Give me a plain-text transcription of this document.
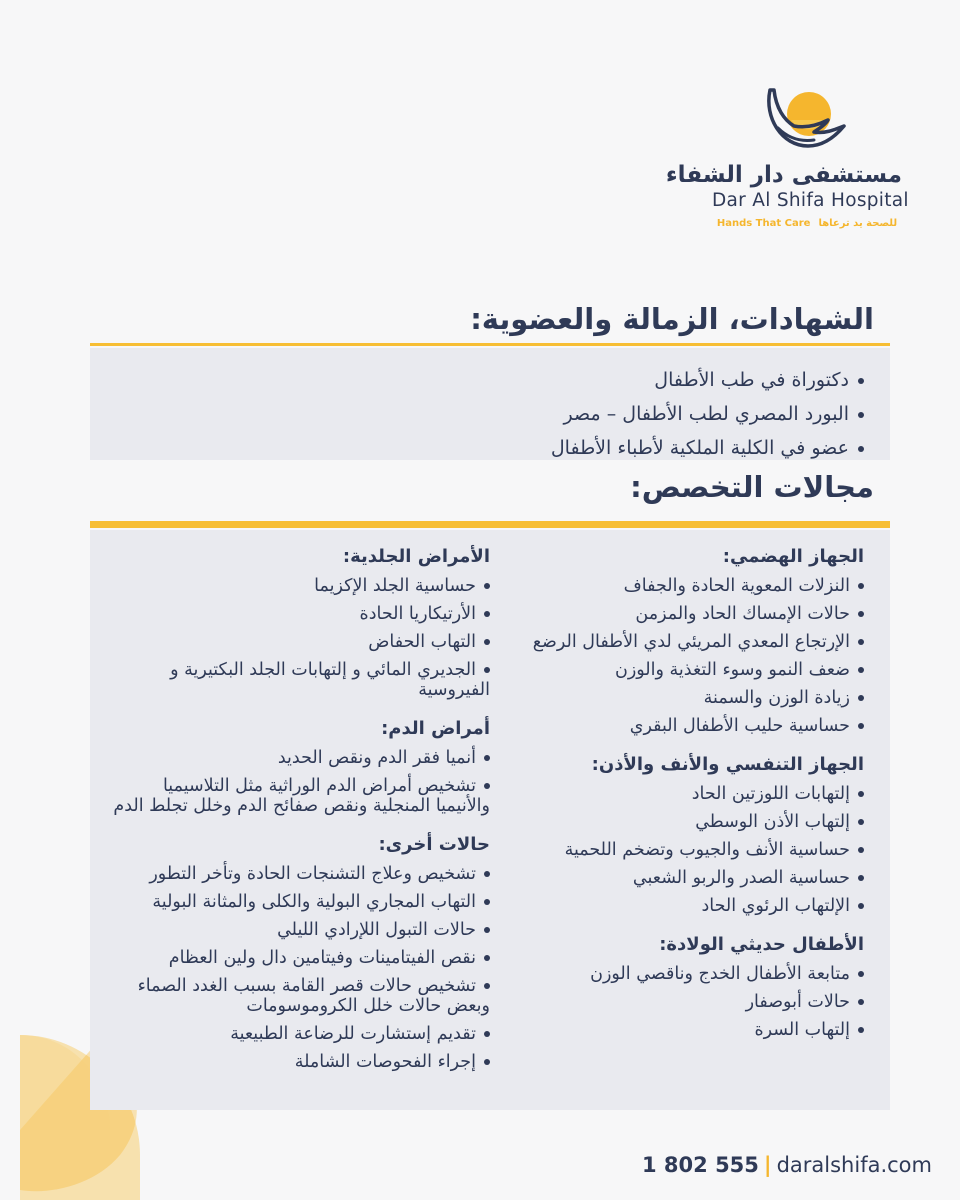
مستشفى دار الشفاء
Dar Al Shifa Hospital
Hands That Care للصحة يد ترعاها
الشهادات، الزمالة والعضوية:
دكتوراة في طب الأطفال
البورد المصري لطب الأطفال – مصر
عضو في الكلية الملكية لأطباء الأطفال
مجالات التخصص:
الجهاز الهضمي:
النزلات المعوية الحادة والجفاف
حالات الإمساك الحاد والمزمن
الإرتجاع المعدي المريئي لدي الأطفال الرضع
ضعف النمو وسوء التغذية والوزن
زيادة الوزن والسمنة
حساسية حليب الأطفال البقري
الجهاز التنفسي والأنف والأذن:
إلتهابات اللوزتين الحاد
إلتهاب الأذن الوسطي
حساسية الأنف والجيوب وتضخم اللحمية
حساسية الصدر والربو الشعبي
الإلتهاب الرئوي الحاد
الأطفال حديثي الولادة:
متابعة الأطفال الخدج وناقصي الوزن
حالات أبوصفار
إلتهاب السرة
الأمراض الجلدية:
حساسية الجلد الإكزيما
الأرتيكاريا الحادة
التهاب الحفاض
الجديري المائي و إلتهابات الجلد البكتيرية و الفيروسية
أمراض الدم:
أنميا فقر الدم ونقص الحديد
تشخيص أمراض الدم الوراثية مثل التلاسيميا والأنيميا المنجلية ونقص صفائح الدم وخلل تجلط الدم
حالات أخرى:
تشخيص وعلاج التشنجات الحادة وتأخر التطور
التهاب المجاري البولية والكلى والمثانة البولية
حالات التبول اللإرادي الليلي
نقص الفيتامينات وفيتامين دال ولين العظام
تشخيص حالات قصر القامة بسبب الغدد الصماء وبعض حالات خلل الكروموسومات
تقديم إستشارت للرضاعة الطبيعية
إجراء الفحوصات الشاملة
1 802 555 | daralshifa.com
